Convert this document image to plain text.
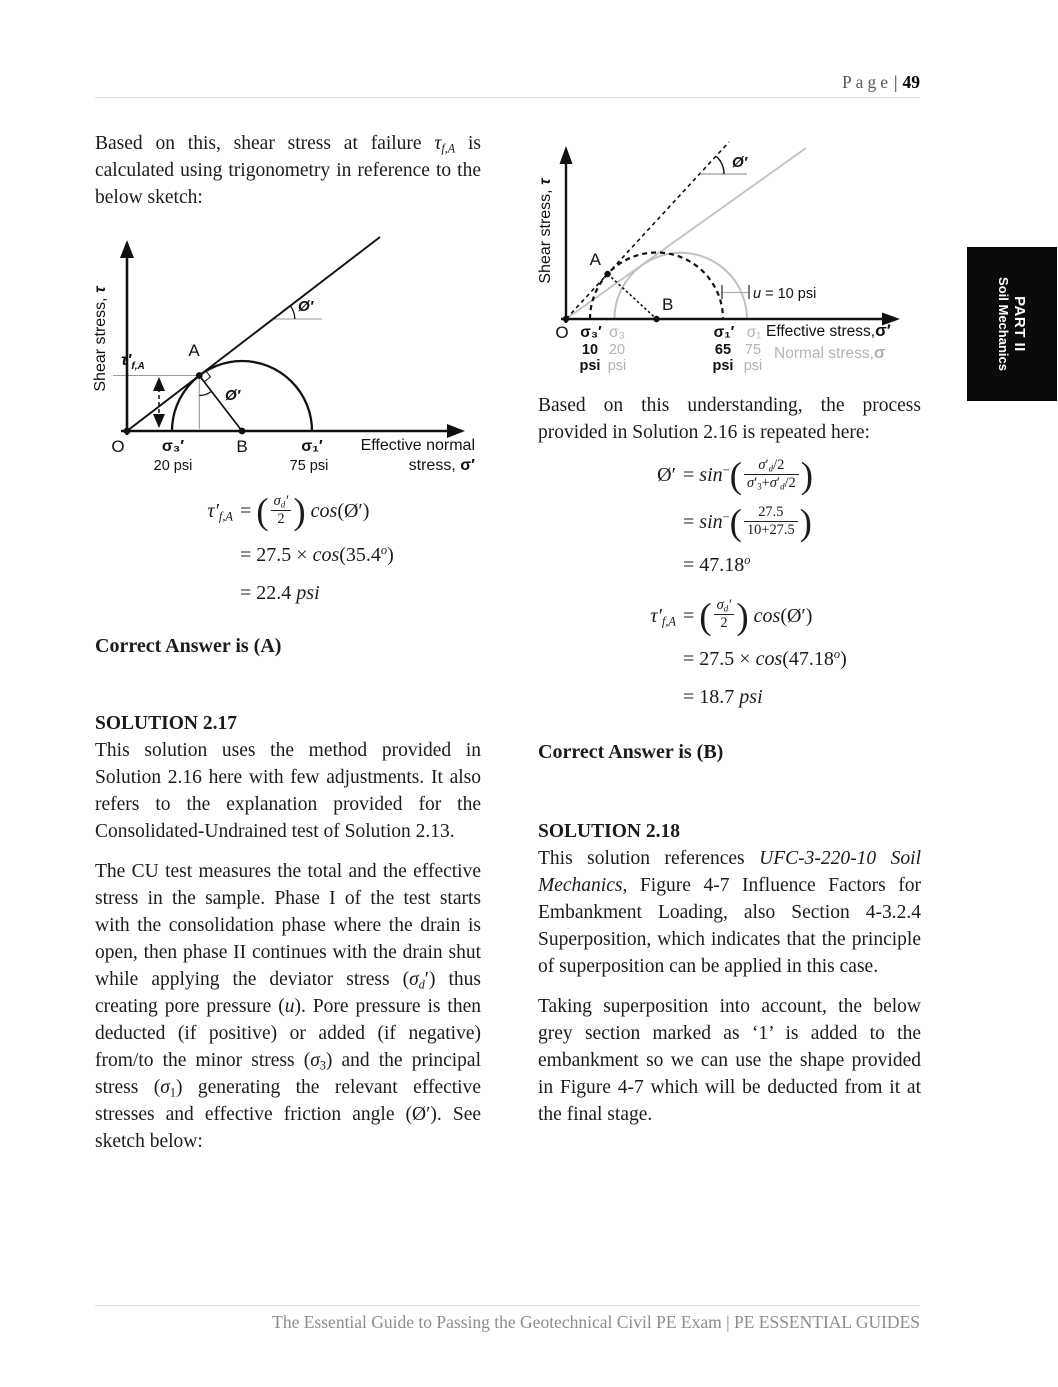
Page | 49

Based on this, shear stress at failure $\tau_{f,A}$ is calculated using trigonometry in reference to the below sketch:

Shear stress, τ
$\tau'_{f,A}$
A
Ø′
Ø′
O σ₃′
20 psi
B	σ₁′
75 psi
Effective normal
stress, σ′
$\tau'_{f,A}$ = ( $\frac{\sigma_d'}{2}$ ) cos(Ø′)
= $27.5 \times \cos(35.4^o)$
= 22.4 psi
Correct Answer is (A)
SOLUTION 2.17

This solution uses the method provided in Solution 2.16 here with few adjustments. It also refers to the explanation provided for the Consolidated-Undrained test of Solution 2.13.

The CU test measures the total and the effective stress in the sample. Phase I of the test starts with the consolidation phase where the drain is open, then phase II continues with the drain shut while applying the deviator stress $(\sigma_d')$ thus creating pore pressure (u). Pore pressure is then deducted (if positive) or added (if negative) from/to the minor stress $(\sigma_3)$ and the principal stress $(\sigma_1)$ generating the relevant effective stresses and effective friction angle (Ø′). See sketch below:

Shear stress, τ
Ø′
A
B
u = 10 psi
O σ₃′ σ₃
10 20
psi psi
σ₁′ σ₁
65 75
psi psi
Effective stress,σ′
Normal stress,σ

Based on this understanding, the process provided in Solution 2.16 is repeated here:

Ø′ = $\sin^-( \frac{\sigma'_d/2}{\sigma'_3+\sigma'_d/2}$ )
= $\sin^-( \frac{27.5}{10+27.5}$ )
= $47.18^o$
$\tau'_{f,A}$ = ( $\frac{\sigma_d'}{2}$ ) cos(Ø′)
= $27.5 \times \cos(47.18^o)$
= 18.7 psi
Correct Answer is (B)
SOLUTION 2.18

This solution references UFC-3-220-10 Soil Mechanics, Figure 4-7 Influence Factors for Embankment Loading, also Section 4-3.2.4 Superposition, which indicates that the principle of superposition can be applied in this case.

Taking superposition into account, the below grey section marked as ‘1’ is added to the embankment so we can use the shape provided in Figure 4-7 which will be deducted from it at the final stage.

PART II
Soil Mechanics
The Essential Guide to Passing the Geotechnical Civil PE Exam | PE ESSENTIAL GUIDES
